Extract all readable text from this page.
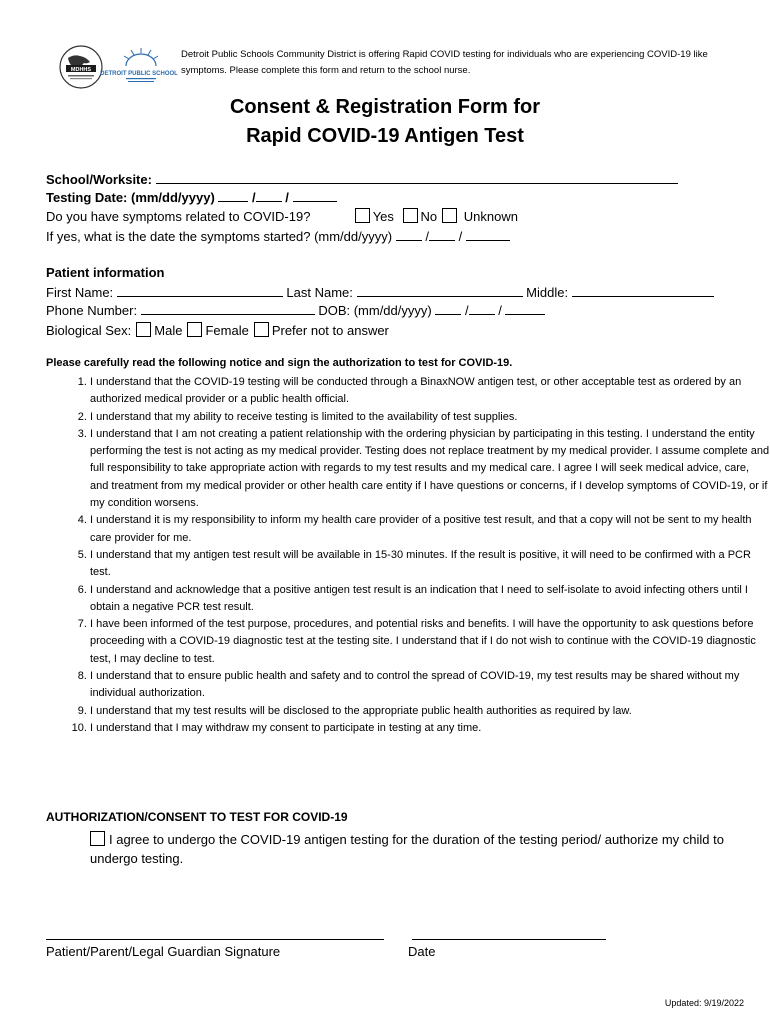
MDHHS
DETROIT PUBLIC SCHOOLS
Detroit Public Schools Community District is offering Rapid COVID testing for individuals who are experiencing COVID-19 like symptoms. Please complete this form and return to the school nurse.
Consent & Registration Form for
Rapid COVID-19 Antigen Test
School/Worksite:
Testing Date: (mm/dd/yyyy)	/ /
Do you have symptoms related to COVID-19?	Yes No Unknown
If yes, what is the date the symptoms started? (mm/dd/yyyy)	/ /
Patient information
First Name:	Last Name:	Middle:
Phone Number:	DOB: (mm/dd/yyyy)	/ /
Biological Sex: Male Female Prefer not to answer
Please carefully read the following notice and sign the authorization to test for COVID-19.
1. I understand that the COVID-19 testing will be conducted through a BinaxNOW antigen test, or other acceptable test as ordered by an authorized medical provider or a public health official.
2. I understand that my ability to receive testing is limited to the availability of test supplies.
3. I understand that I am not creating a patient relationship with the ordering physician by participating in this testing. I understand the entity performing the test is not acting as my medical provider. Testing does not replace treatment by my medical provider. I assume complete and full responsibility to take appropriate action with regards to my test results and my medical care. I agree I will seek medical advice, care, and treatment from my medical provider or other health care entity if I have questions or concerns, if I develop symptoms of COVID-19, or if my condition worsens.
4. I understand it is my responsibility to inform my health care provider of a positive test result, and that a copy will not be sent to my health care provider for me.
5. I understand that my antigen test result will be available in 15-30 minutes. If the result is positive, it will need to be confirmed with a PCR test.
6. I understand and acknowledge that a positive antigen test result is an indication that I need to self-isolate to avoid infecting others until I obtain a negative PCR test result.
7. I have been informed of the test purpose, procedures, and potential risks and benefits. I will have the opportunity to ask questions before proceeding with a COVID-19 diagnostic test at the testing site. I understand that if I do not wish to continue with the COVID-19 diagnostic test, I may decline to test.
8. I understand that to ensure public health and safety and to control the spread of COVID-19, my test results may be shared without my individual authorization.
9. I understand that my test results will be disclosed to the appropriate public health authorities as required by law.
10. I understand that I may withdraw my consent to participate in testing at any time.
AUTHORIZATION/CONSENT TO TEST FOR COVID-19
I agree to undergo the COVID-19 antigen testing for the duration of the testing period/ authorize my child to undergo testing.
Patient/Parent/Legal Guardian Signature	Date
Updated: 9/19/2022
